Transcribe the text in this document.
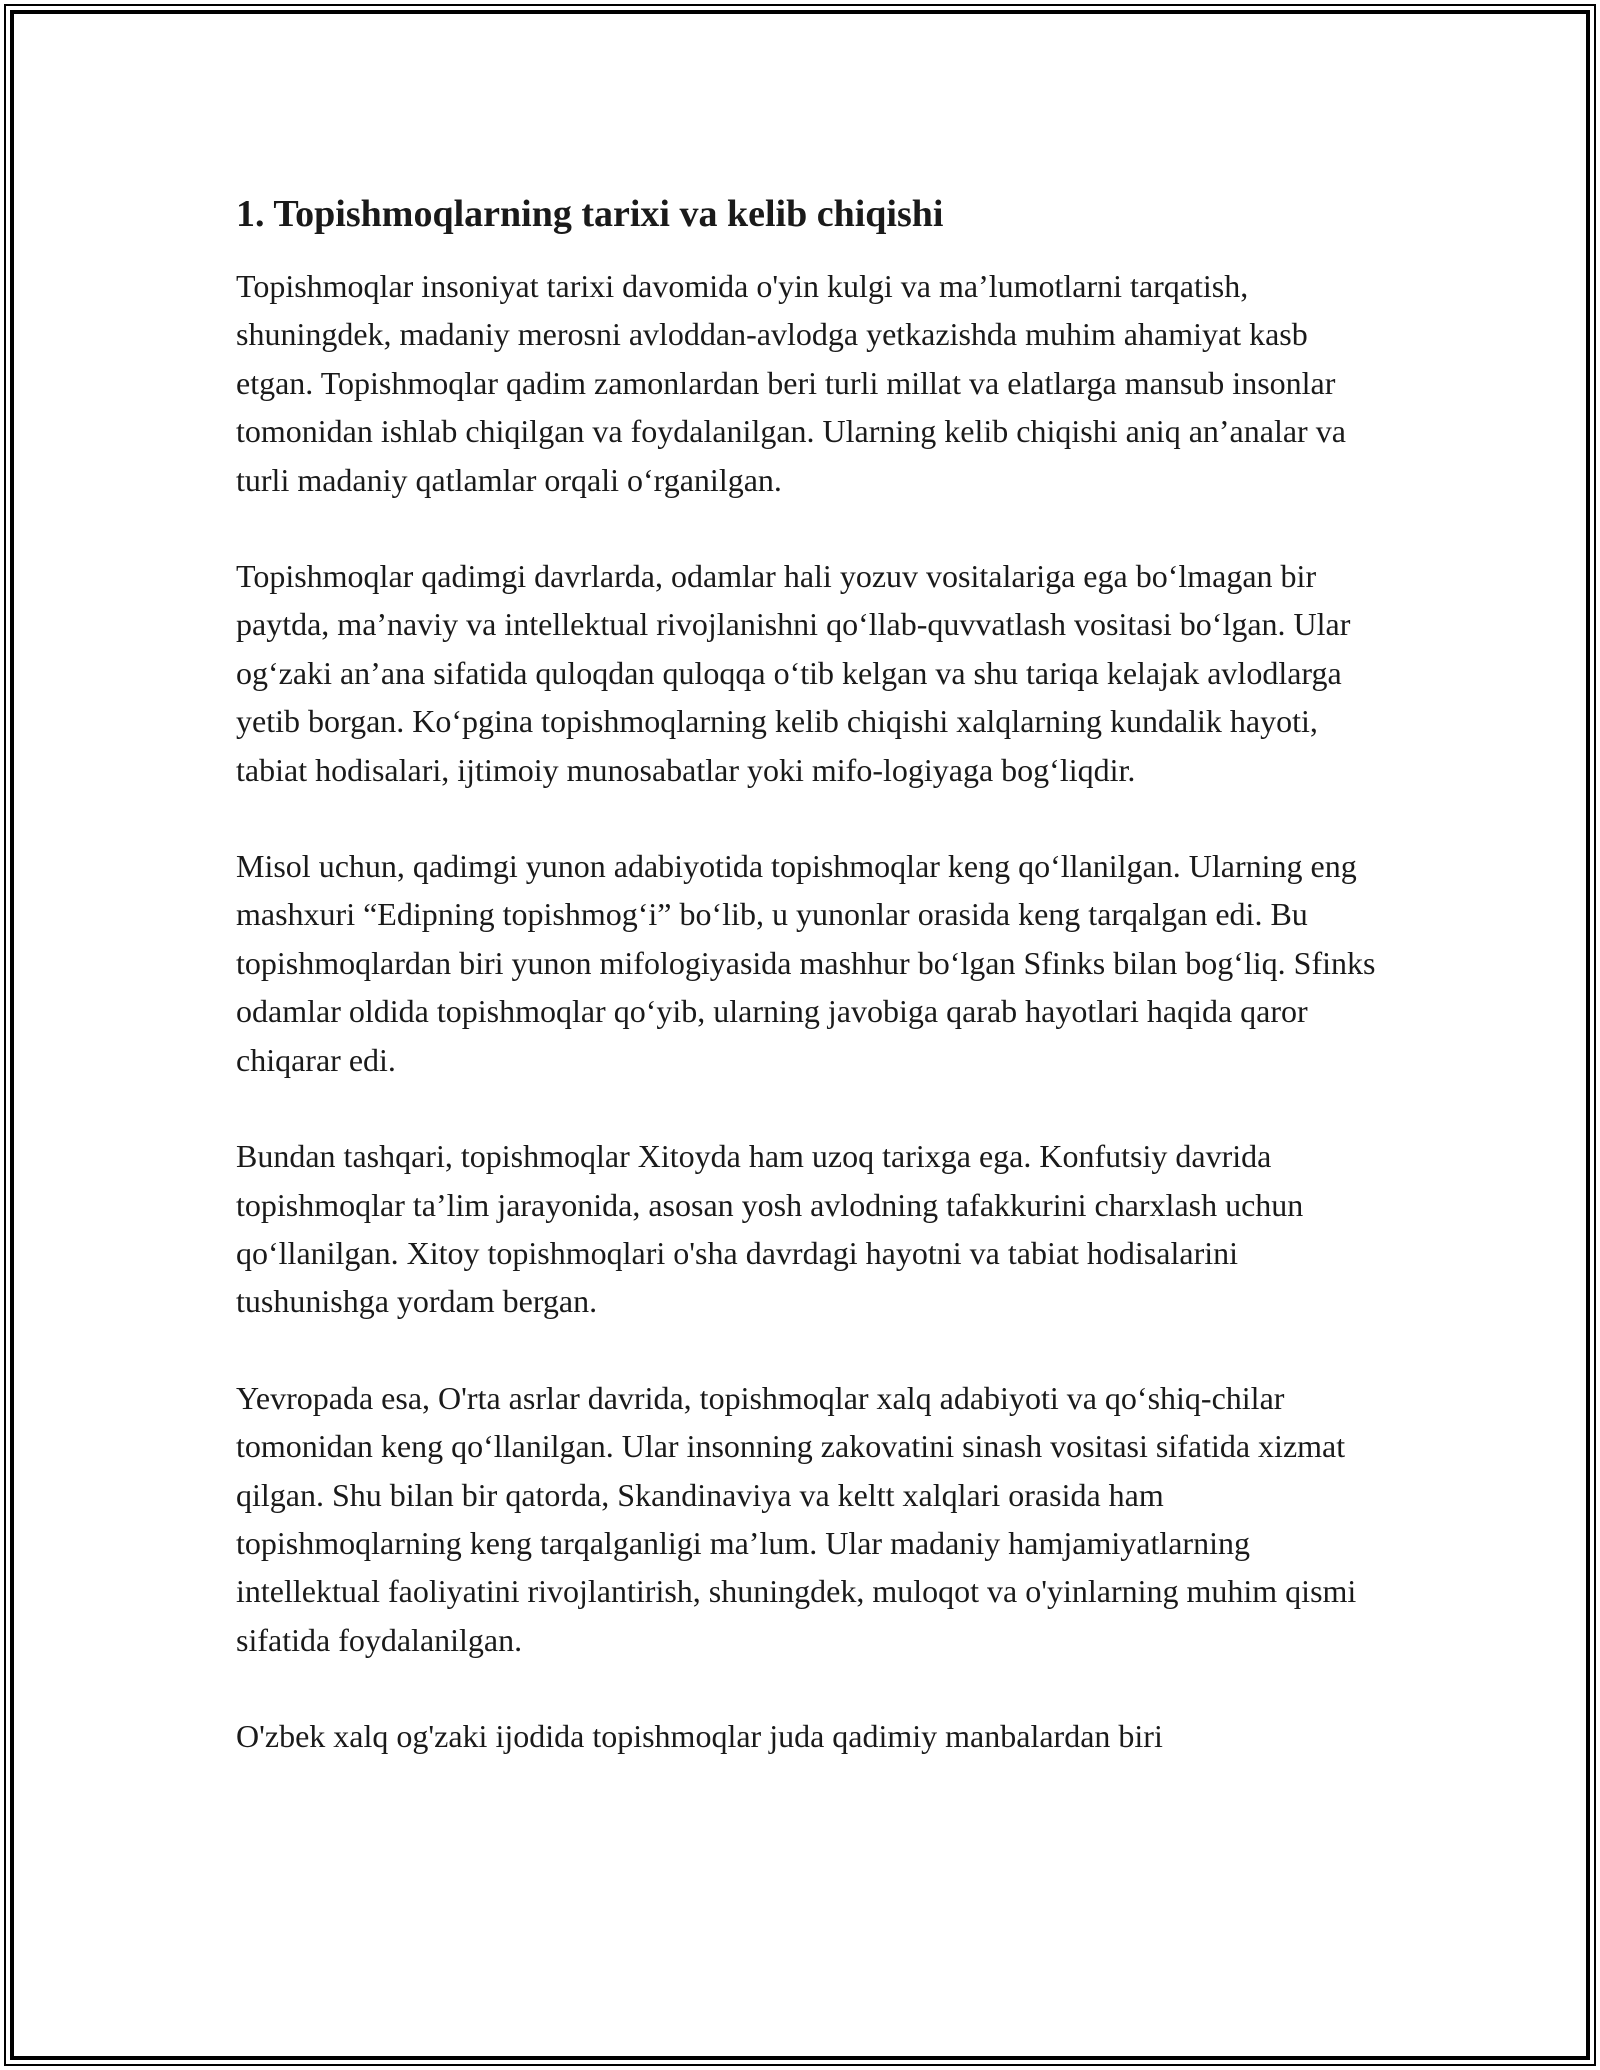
1. Topishmoqlarning tarixi va kelib chiqishi

Topishmoqlar insoniyat tarixi davomida o'yin kulgi va ma’lumotlarni tarqatish, shuningdek, madaniy merosni avloddan-avlodga yetkazishda muhim ahamiyat kasb etgan. Topishmoqlar qadim zamonlardan beri turli millat va elatlarga mansub insonlar tomonidan ishlab chiqilgan va foydalanilgan. Ularning kelib chiqishi aniq an’analar va turli madaniy qatlamlar orqali o‘rganilgan.

Topishmoqlar qadimgi davrlarda, odamlar hali yozuv vositalariga ega bo‘lmagan bir paytda, ma’naviy va intellektual rivojlanishni qo‘llab-quvvatlash vositasi bo‘lgan. Ular og‘zaki an’ana sifatida quloqdan quloqqa o‘tib kelgan va shu tariqa kelajak avlodlarga yetib borgan. Ko‘pgina topishmoqlarning kelib chiqishi xalqlarning kundalik hayoti, tabiat hodisalari, ijtimoiy munosabatlar yoki mifo-logiyaga bog‘liqdir.

Misol uchun, qadimgi yunon adabiyotida topishmoqlar keng qo‘llanilgan. Ularning eng mashxuri “Edipning topishmog‘i” bo‘lib, u yunonlar orasida keng tarqalgan edi. Bu topishmoqlardan biri yunon mifologiyasida mashhur bo‘lgan Sfinks bilan bog‘liq. Sfinks odamlar oldida topishmoqlar qo‘yib, ularning javobiga qarab hayotlari haqida qaror chiqarar edi.

Bundan tashqari, topishmoqlar Xitoyda ham uzoq tarixga ega. Konfutsiy davrida topishmoqlar ta’lim jarayonida, asosan yosh avlodning tafakkurini charxlash uchun qo‘llanilgan. Xitoy topishmoqlari o'sha davrdagi hayotni va tabiat hodisalarini tushunishga yordam bergan.

Yevropada esa, O'rta asrlar davrida, topishmoqlar xalq adabiyoti va qo‘shiq-chilar tomonidan keng qo‘llanilgan. Ular insonning zakovatini sinash vositasi sifatida xizmat qilgan. Shu bilan bir qatorda, Skandinaviya va keltt xalqlari orasida ham topishmoqlarning keng tarqalganligi ma’lum. Ular madaniy hamjamiyatlarning intellektual faoliyatini rivojlantirish, shuningdek, muloqot va o'yinlarning muhim qismi sifatida foydalanilgan.

O'zbek xalq og'zaki ijodida topishmoqlar juda qadimiy manbalardan biri
